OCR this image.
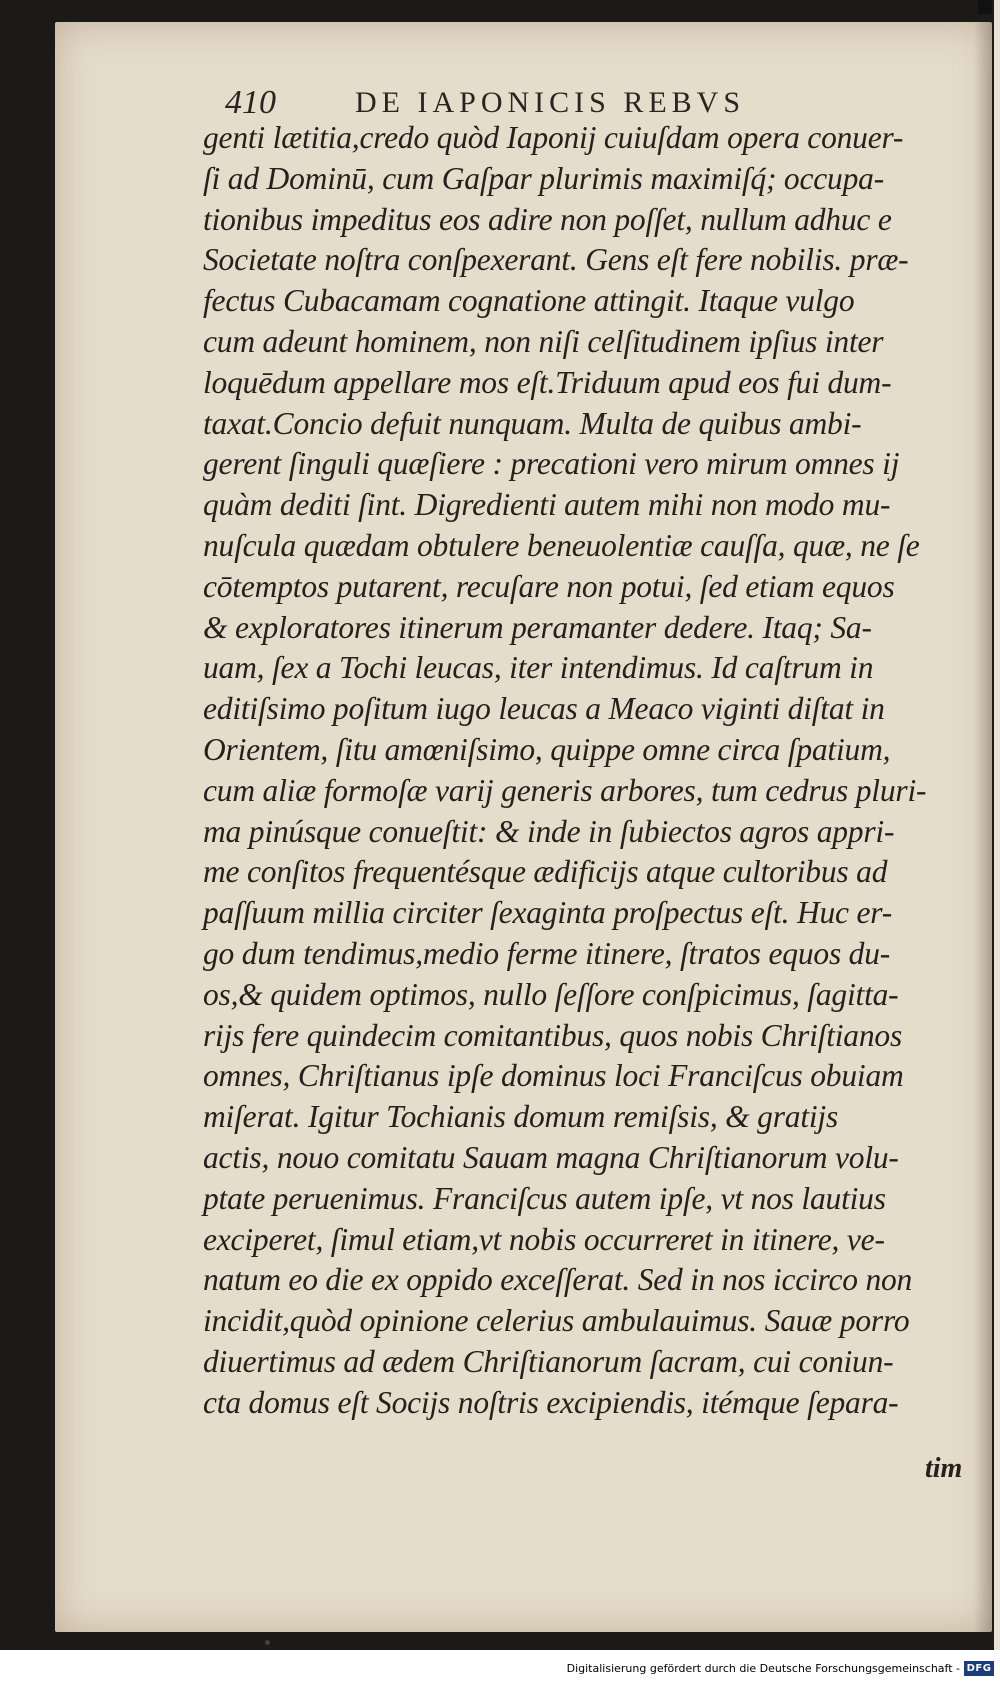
410	DE IAPONICIS REBVS
tim
genti lætitia,credo quòd Iaponij cuiuſdam opera conuer-
ſi ad Dominū, cum Gaſpar plurimis maximiſq́; occupa-
tionibus impeditus eos adire non poſſet, nullum adhuc e
Societate noſtra conſpexerant. Gens eſt fere nobilis. præ-
fectus Cubacamam cognatione attingit. Itaque vulgo
cum adeunt hominem, non niſi celſitudinem ipſius inter
loquēdum appellare mos eſt.Triduum apud eos fui dum-
taxat.Concio defuit nunquam. Multa de quibus ambi-
gerent ſinguli quæſiere : precationi vero mirum omnes ij
quàm dediti ſint. Digredienti autem mihi non modo mu-
nuſcula quædam obtulere beneuolentiæ cauſſa, quæ, ne ſe
cōtemptos putarent, recuſare non potui, ſed etiam equos
& exploratores itinerum peramanter dedere. Itaq; Sa-
uam, ſex a Tochi leucas, iter intendimus. Id caſtrum in
editiſsimo poſitum iugo leucas a Meaco viginti diſtat in
Orientem, ſitu amœniſsimo, quippe omne circa ſpatium,
cum aliæ formoſæ varij generis arbores, tum cedrus pluri-
ma pinúsque conueſtit: & inde in ſubiectos agros appri-
me conſitos frequentésque ædificijs atque cultoribus ad
paſſuum millia circiter ſexaginta proſpectus eſt. Huc er-
go dum tendimus,medio ferme itinere, ſtratos equos du-
os,& quidem optimos, nullo ſeſſore conſpicimus, ſagitta-
rijs fere quindecim comitantibus, quos nobis Chriſtianos
omnes, Chriſtianus ipſe dominus loci Franciſcus obuiam
miſerat. Igitur Tochianis domum remiſsis, & gratijs
actis, nouo comitatu Sauam magna Chriſtianorum volu-
ptate peruenimus. Franciſcus autem ipſe, vt nos lautius
exciperet, ſimul etiam,vt nobis occurreret in itinere, ve-
natum eo die ex oppido exceſſerat. Sed in nos iccirco non
incidit,quòd opinione celerius ambulauimus. Sauæ porro
diuertimus ad ædem Chriſtianorum ſacram, cui coniun-
cta domus eſt Socijs noſtris excipiendis, itémque ſepara-
Digitalisierung gefördert durch die Deutsche Forschungsgemeinschaft - DFG
